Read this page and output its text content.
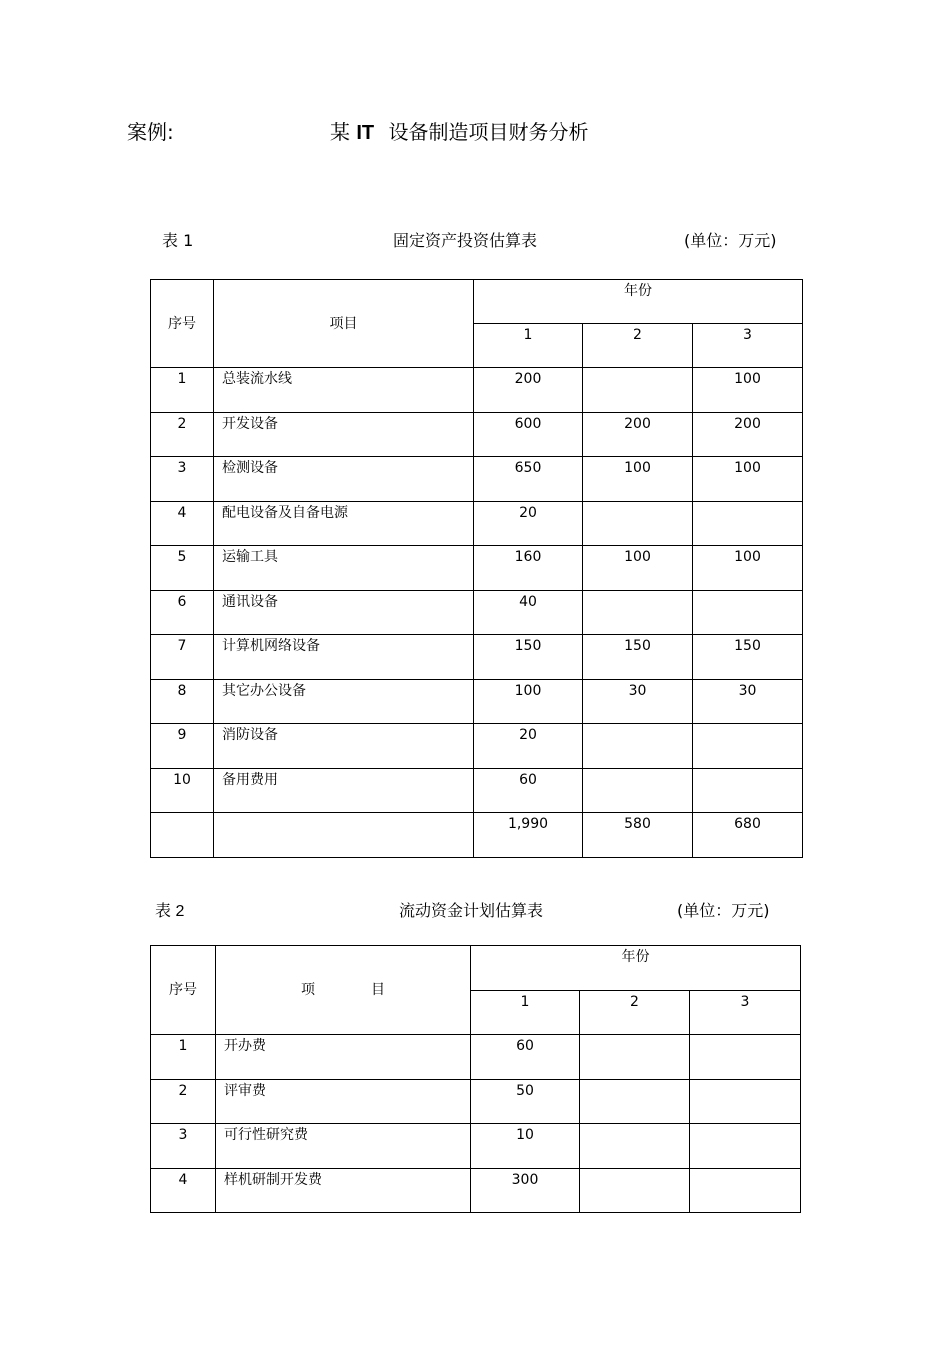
案例:	某 IT 设备制造项目财务分析
表 1	固定资产投资估算表	(单位：万元)
序号	项目	年份		

		1	2	3

1	总装流水线	200		100

2	开发设备	600	200	200

3	检测设备	650	100	100

4	配电设备及自备电源	20		

5	运输工具	160	100	100

6	通讯设备	40		

7	计算机网络设备	150	150	150

8	其它办公设备	100	30	30

9	消防设备	20		

10	备用费用	60		

		1,990	580	680
表 2	流动资金计划估算表	(单位：万元)
序号	项　　　　目	年份		

		1	2	3

1	开办费	60		

2	评审费	50		

3	可行性研究费	10		

4	样机研制开发费	300		
